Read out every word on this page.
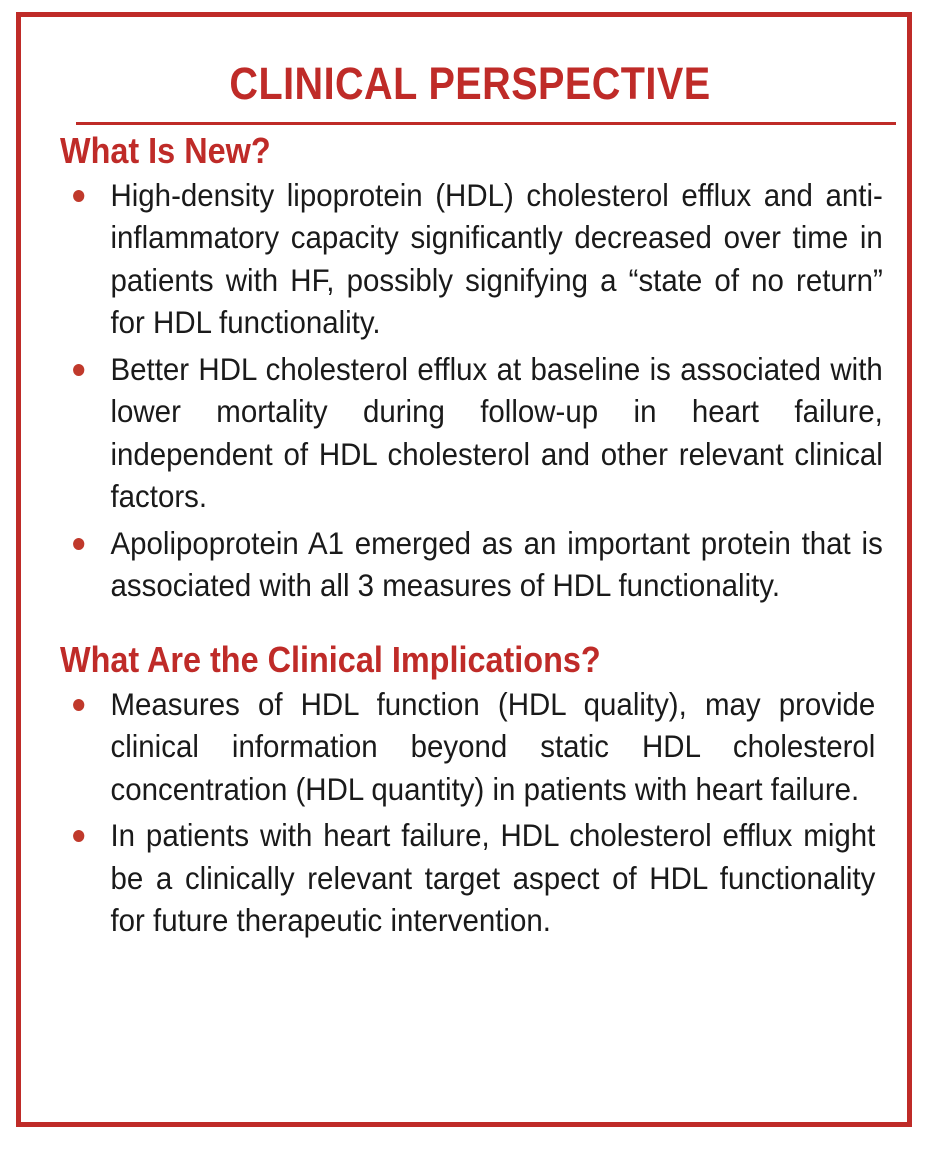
CLINICAL PERSPECTIVE
What Is New?
High-density lipoprotein (HDL) cholesterol efflux and anti-inflammatory capacity significantly decreased over time in patients with HF, possibly signifying a “state of no return” for HDL functionality.
Better HDL cholesterol efflux at baseline is associated with lower mortality during follow-up in heart failure, independent of HDL cholesterol and other relevant clinical factors.
Apolipoprotein A1 emerged as an important protein that is associated with all 3 measures of HDL functionality.
What Are the Clinical Implications?
Measures of HDL function (HDL quality), may provide clinical information beyond static HDL cholesterol concentration (HDL quantity) in patients with heart failure.
In patients with heart failure, HDL cholesterol efflux might be a clinically relevant target aspect of HDL functionality for future therapeutic intervention.
